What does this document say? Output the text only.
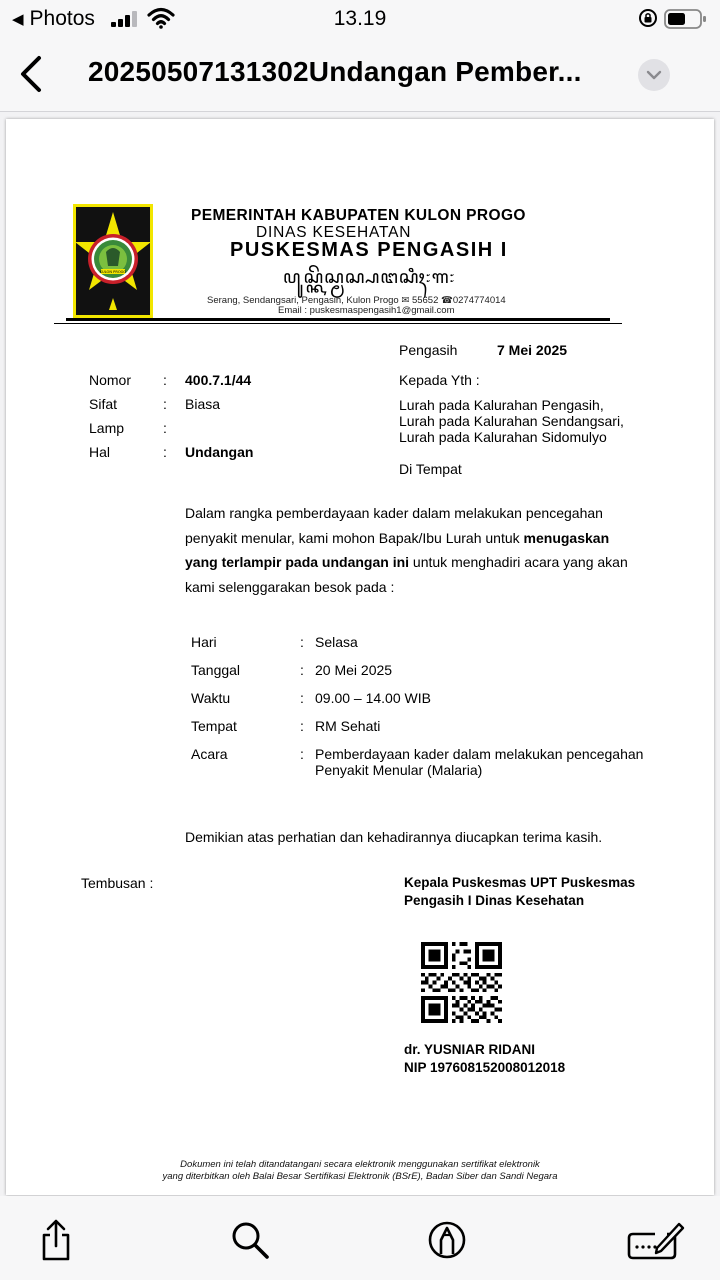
◀ Photos	13.19
20250507131302Undangan Pember...
KULON PROGO
PEMERINTAH KABUPATEN KULON PROGO
DINAS KESEHATAN
PUSKESMAS PENGASIH I
ꦥꦸꦱ꧀ꦏꦼꦱ꧀ꦩꦱ꧀ꦥꦔꦱꦶꦃ꧇꧑꧇
Serang, Sendangsari, Pengasih, Kulon Progo ✉ 55652 ☎0274774014
Email : puskesmaspengasih1@gmail.com
Pengasih	7 Mei 2025
Nomor : 400.7.1/44
Sifat	: Biasa
Lamp	:
Hal	: Undangan
Kepada Yth :
Lurah pada Kalurahan Pengasih,
Lurah pada Kalurahan Sendangsari,
Lurah pada Kalurahan Sidomulyo
Di Tempat
Dalam rangka pemberdayaan kader dalam melakukan pencegahan
penyakit menular, kami mohon Bapak/Ibu Lurah untuk menugaskan
yang terlampir pada undangan ini untuk menghadiri acara yang akan
kami selenggarakan besok pada :
Hari	: Selasa
Tanggal	: 20 Mei 2025
Waktu	: 09.00 – 14.00 WIB
Tempat	: RM Sehati
Acara	: Pemberdayaan kader dalam melakukan pencegahan
Penyakit Menular (Malaria)
Demikian atas perhatian dan kehadirannya diucapkan terima kasih.
Tembusan :	Kepala Puskesmas UPT Puskesmas
Pengasih I Dinas Kesehatan
dr. YUSNIAR RIDANI
NIP 197608152008012018
Dokumen ini telah ditandatangani secara elektronik menggunakan sertifikat elektronik
yang diterbitkan oleh Balai Besar Sertifikasi Elektronik (BSrE), Badan Siber dan Sandi Negara
